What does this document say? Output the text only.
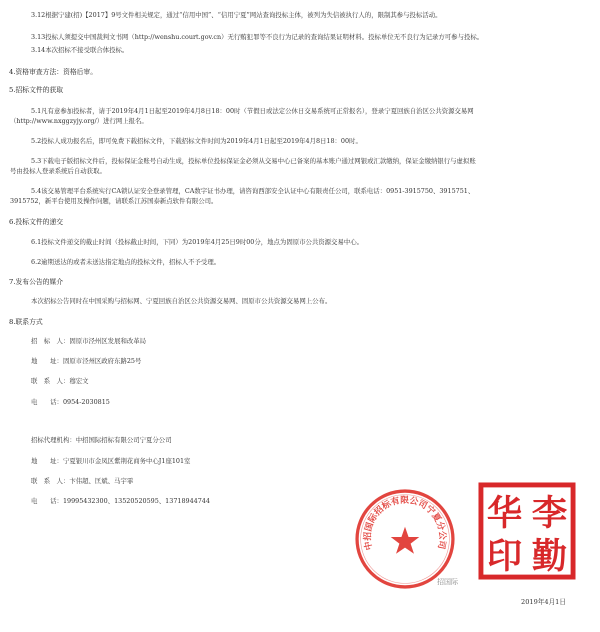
3.12根据宁建(招)【2017】9号文件相关规定，通过“信用中国”、“信用宁夏”网站查询投标主体，被列为失信被执行人的，限制其参与投标活动。
3.13投标人须提交中国裁判文书网（http://wenshu.court.gov.cn）无行贿犯罪等不良行为记录的查询结果证明材料。投标单位无不良行为记录方可参与投标。
3.14本次招标不接受联合体投标。
4.资格审查方法：资格后审。
5.招标文件的获取
5.1凡有意参加投标者，请于2019年4月1日起至2019年4月8日18：00时（节假日或法定公休日交易系统可正常报名），登录宁夏回族自治区公共资源交易网
（http://www.nxggzyjy.org/）进行网上报名。
5.2投标人成功报名后，即可免费下载招标文件，下载招标文件时间为2019年4月1日起至2019年4月8日18：00时。
5.3下载电子版招标文件后，投标保证金账号自动生成，投标单位投标保证金必须从交易中心已备案的基本账户通过网银或汇款缴纳，保证金缴纳银行与虚拟账
号由投标人登录系统后自动获取。
5.4该交易管理平台系统实行CA锁认证安全登录管理，CA数字证书办理，请咨询西部安全认证中心有限责任公司，联系电话：0951-3915750、3915751、
3915752，新平台使用及操作问题，请联系江苏国泰新点软件有限公司。
6.投标文件的递交
6.1投标文件递交的截止时间（投标截止时间，下同）为2019年4月25日9时00分，地点为固原市公共资源交易中心。
6.2逾期送达的或者未送达指定地点的投标文件，招标人不予受理。
7.发布公告的媒介
本次招标公告同时在中国采购与招标网、宁夏回族自治区公共资源交易网、固原市公共资源交易网上公布。
8.联系方式
招　标　人：固原市泾州区发展和改革局
地　　址：固原市泾州区政府东路25号
联　系　人：穆宏文
电　　话：0954-2030815
招标代理机构：中招国际招标有限公司宁夏分公司
地　　址：宁夏银川市金凤区紫荆花商务中心J1座101室
联　系　人：卞伟超、匡斌、马宇霏
电　　话：19995432300、13520520595、13718944744
中招国际招标有限公司宁夏分公司
华 李
印 勤
招国际
2019年4月1日
